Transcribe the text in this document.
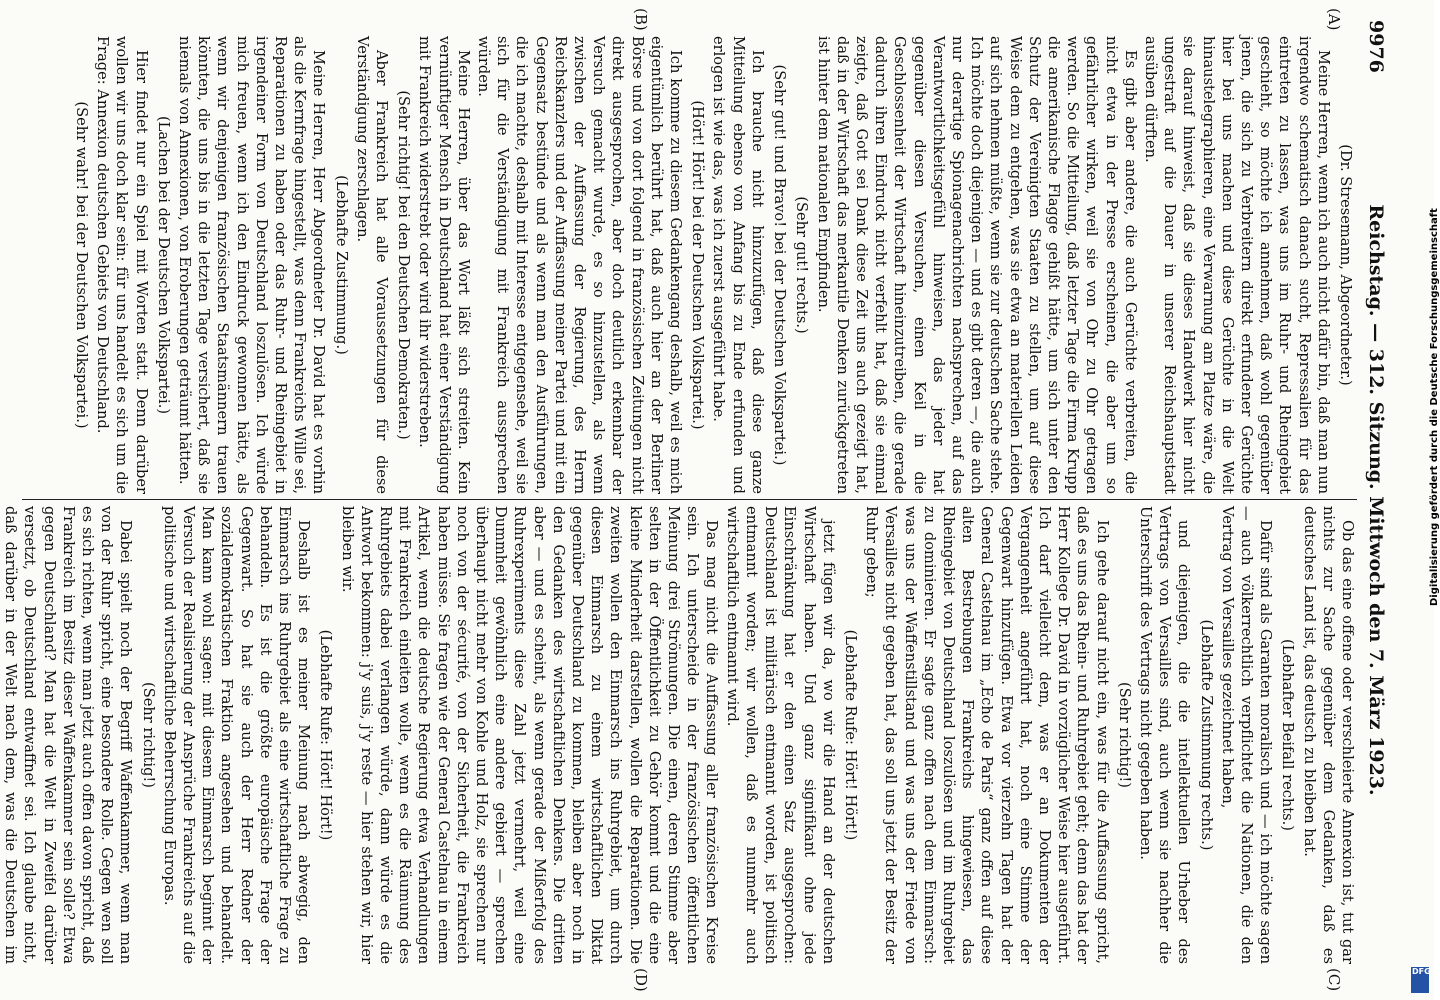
9976
Reichstag. — 312. Sitzung. Mittwoch den 7. März 1923.
(A)
(B)
(C)
(D)

(Dr. Stresemann, Abgeordneter.)

Meine Herren, wenn ich auch nicht dafür bin, daß man nun irgendwo schematisch danach sucht, Repressalien für das eintreten zu lassen, was uns im Ruhr- und Rheingebiet geschieht, so möchte ich annehmen, daß wohl gegenüber jenen, die sich zu Verbreitern direkt erfundener Gerüchte hier bei uns machen und diese Gerüchte in die Welt hinaustelegraphieren, eine Verwarnung am Platze wäre, die sie darauf hinweist, daß sie dieses Handwerk hier nicht ungestraft auf die Dauer in unserer Reichshauptstadt ausüben dürften.

Es gibt aber andere, die auch Gerüchte verbreiten, die nicht etwa in der Presse erscheinen, die aber um so gefährlicher wirken, weil sie von Ohr zu Ohr getragen werden. So die Mitteilung, daß letzter Tage die Firma Krupp die amerikanische Flagge gehißt hätte, um sich unter den Schutz der Vereinigten Staaten zu stellen, um auf diese Weise dem zu entgehen, was sie etwa an materiellen Leiden auf sich nehmen müßte, wenn sie zur deutschen Sache stehe. Ich möchte doch diejenigen — und es gibt deren —, die auch nur derartige Spionagenachrichten nachsprechen, auf das Verantwortlichkeitsgefühl hinweisen, das jeder hat gegenüber diesen Versuchen, einen Keil in die Geschlossenheit der Wirtschaft hineinzutreiben, die gerade dadurch ihren Eindruck nicht verfehlt hat, daß sie einmal zeigte, daß Gott sei Dank diese Zeit uns auch gezeigt hat, daß in der Wirtschaft das merkantile Denken zurückgetreten ist hinter dem nationalen Empfinden.

(Sehr gut! rechts.)

(Sehr gut! und Bravo! bei der Deutschen Volkspartei.)

Ich brauche nicht hinzuzufügen, daß diese ganze Mitteilung ebenso von Anfang bis zu Ende erfunden und erlogen ist wie das, was ich zuerst ausgeführt habe.

(Hört! Hört! bei der Deutschen Volkspartei.)

Ich komme zu diesem Gedankengang deshalb, weil es mich eigentümlich berührt hat, daß auch hier an der Berliner Börse und von dort folgend in französischen Zeitungen nicht direkt ausgesprochen, aber doch deutlich erkennbar der Versuch gemacht wurde, es so hinzustellen, als wenn zwischen der Auffassung der Regierung, des Herrn Reichskanzlers und der Auffassung meiner Partei und mit ein Gegensatz bestünde und als wenn man den Ausführungen, die ich machte, deshalb mit Interesse entgegensehe, weil sie sich für die Verständigung mit Frankreich aussprechen würden.

Meine Herren, über das Wort läßt sich streiten. Kein vernünftiger Mensch in Deutschland hat einer Verständigung mit Frankreich widerstrebt oder wird ihr widerstreben.

(Sehr richtig! bei den Deutschen Demokraten.)

Aber Frankreich hat alle Voraussetzungen für diese Verständigung zerschlagen.

(Lebhafte Zustimmung.)

Meine Herren, Herr Abgeordneter Dr. David hat es vorhin als die Kernfrage hingestellt, was denn Frankreichs Wille sei, Reparationen zu haben oder das Ruhr- und Rheingebiet in irgendeiner Form von Deutschland loszulösen. Ich würde mich freuen, wenn ich den Eindruck gewonnen hätte, als wenn wir denjenigen französischen Staatsmännern trauen könnten, die uns bis in die letzten Tage versichert, daß sie niemals von Annexionen, von Eroberungen geträumt hätten.

(Lachen bei der Deutschen Volkspartei.)

Hier findet nur ein Spiel mit Worten statt. Denn darüber wollen wir uns doch klar sein: für uns handelt es sich um die Frage: Annexion deutschen Gebiets von Deutschland.

(Sehr wahr! bei der Deutschen Volkspartei.)

Ob das eine offene oder verschleierte Annexion ist, tut gar nichts zur Sache gegenüber dem Gedanken, daß es deutsches Land ist, das deutsch zu bleiben hat.

(Lebhafter Beifall rechts.)

Dafür sind als Garanten moralisch und — ich möchte sagen — auch völkerrechtlich verpflichtet die Nationen, die den Vertrag von Versailles gezeichnet haben,

(Lebhafte Zustimmung rechts.)

und diejenigen, die die intellektuellen Urheber des Vertrags von Versailles sind, auch wenn sie nachher die Unterschrift des Vertrags nicht gegeben haben.

(Sehr richtig!)

Ich gehe darauf nicht ein, was für die Auffassung spricht, daß es uns das Rhein- und Ruhrgebiet geht; denn das hat der Herr Kollege Dr. David in vorzüglicher Weise hier ausgeführt. Ich darf vielleicht dem, was er an Dokumenten der Vergangenheit angeführt hat, noch eine Stimme der Gegenwart hinzufügen. Etwa vor vierzehn Tagen hat der General Castelnau im „Echo de Paris“ ganz offen auf diese alten Bestrebungen Frankreichs hingewiesen, das Rheingebiet von Deutschland loszulösen und im Ruhrgebiet zu dominieren. Er sagte ganz offen nach dem Einmarsch: was uns der Waffenstillstand und was uns der Friede von Versailles nicht gegeben hat, das soll uns jetzt der Besitz der Ruhr geben;

(Lebhafte Rufe: Hört! Hört!)

jetzt fügen wir da, wo wir die Hand an der deutschen Wirtschaft haben. Und ganz signifikant ohne jede Einschränkung hat er den einen Satz ausgesprochen: Deutschland ist militärisch entmannt worden, ist politisch entmannt worden; wir wollen, daß es nunmehr auch wirtschaftlich entmannt wird.

Das mag nicht die Auffassung aller französischen Kreise sein. Ich unterscheide in der französischen öffentlichen Meinung drei Strömungen. Die einen, deren Stimme aber selten in der Öffentlichkeit zu Gehör kommt und die eine kleine Minderheit darstellen, wollen die Reparationen. Die zweiten wollen den Einmarsch ins Ruhrgebiet, um durch diesen Einmarsch zu einem wirtschaftlichen Diktat gegenüber Deutschland zu kommen, bleiben aber noch in den Gedanken des wirtschaftlichen Denkens. Die dritten aber — und es scheint, als wenn gerade der Mißerfolg des Ruhrexperiments diese Zahl jetzt vermehrt, weil eine Dummheit gewöhnlich eine andere gebiert — sprechen überhaupt nicht mehr von Kohle und Holz, sie sprechen nur noch von der sécurité, von der Sicherheit, die Frankreich haben müsse. Sie fragen wie der General Castelnau in einem Artikel, wenn die deutsche Regierung etwa Verhandlungen mit Frankreich einleiten wolle, wenn es die Räumung des Ruhrgebiets dabei verlangen würde, dann würde es die Antwort bekommen: j'y suis, j'y reste — hier stehen wir, hier bleiben wir.

(Lebhafte Rufe: Hört! Hört!)

Deshalb ist es meiner Meinung nach abwegig, den Einmarsch ins Ruhrgebiet als eine wirtschaftliche Frage zu behandeln. Es ist die größte europäische Frage der Gegenwart. So hat sie auch der Herr Redner der sozialdemokratischen Fraktion angesehen und behandelt. Man kann wohl sagen: mit diesem Einmarsch beginnt der Versuch der Realisierung der Ansprüche Frankreichs auf die politische und wirtschaftliche Beherrschung Europas.

(Sehr richtig!)

Dabei spielt noch der Begriff Waffenkammer, wenn man von der Ruhr spricht, eine besondere Rolle. Gegen wen soll es sich richten, wenn man jetzt auch offen davon spricht, daß Frankreich im Besitz dieser Waffenkammer sein solle? Etwa gegen Deutschland? Man hat die Welt in Zweifel darüber versetzt, ob Deutschland entwaffnet sei. Ich glaube nicht, daß darüber in der Welt nach dem, was die Deutschen im

Digitalisierung gefördert durch die Deutsche Forschungsgemeinschaft
DFG
